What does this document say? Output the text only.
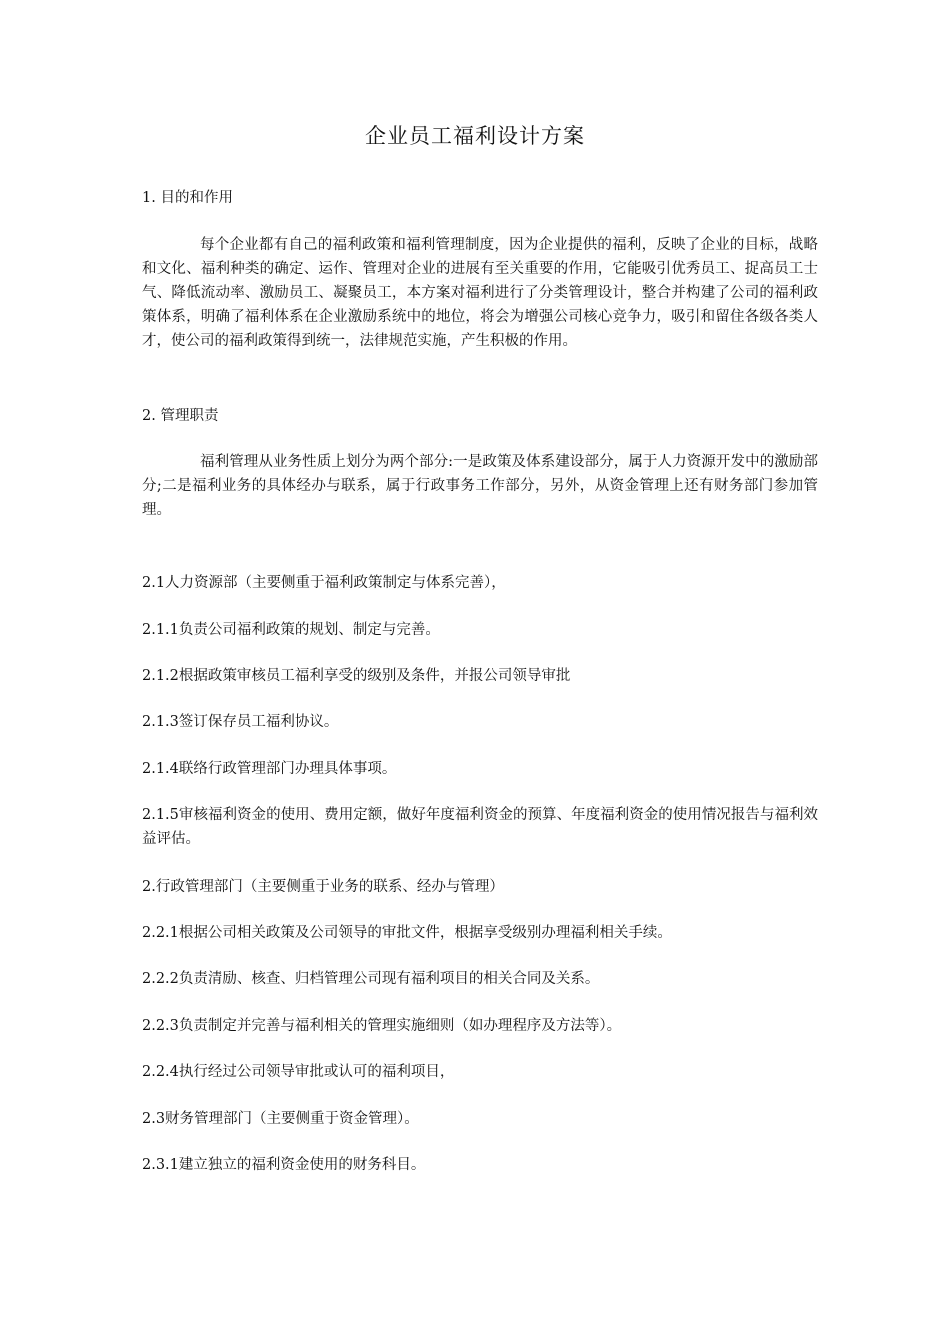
企业员工福利设计方案

1. 目的和作用

每个企业都有自己的福利政策和福利管理制度，因为企业提供的福利，反映了企业的目标，战略和文化、福利种类的确定、运作、管理对企业的进展有至关重要的作用，它能吸引优秀员工、捉高员工士气、降低流动率、激励员工、凝聚员工，本方案对福利进行了分类管理设计，整合并构建了公司的福利政策体系，明确了福利体系在企业激励系统中的地位，将会为增强公司核心竞争力，吸引和留住各级各类人才，使公司的福利政策得到统一，法律规范实施，产生积极的作用。

2. 管理职责

福利管理从业务性质上划分为两个部分:一是政策及体系建设部分，属于人力资源开发中的激励部分;二是福利业务的具体经办与联系，属于行政事务工作部分，另外，从资金管理上还有财务部门参加管理。

2.1人力资源部（主要侧重于福利政策制定与体系完善），

2.1.1负责公司福利政策的规划、制定与完善。

2.1.2根据政策审核员工福利享受的级别及条件，并报公司领导审批

2.1.3签订保存员工福利协议。

2.1.4联络行政管理部门办理具体事项。

2.1.5审核福利资金的使用、费用定额，做好年度福利资金的预算、年度福利资金的使用情况报告与福利效益评估。

2.行政管理部门（主要侧重于业务的联系、经办与管理）

2.2.1根据公司相关政策及公司领导的审批文件，根据享受级别办理福利相关手续。

2.2.2负责清励、核查、归档管理公司现有福利项目的相关合同及关系。

2.2.3负责制定并完善与福利相关的管理实施细则（如办理程序及方法等）。

2.2.4执行经过公司领导审批或认可的福利项目，

2.3财务管理部门（主要侧重于资金管理）。

2.3.1建立独立的福利资金使用的财务科目。
